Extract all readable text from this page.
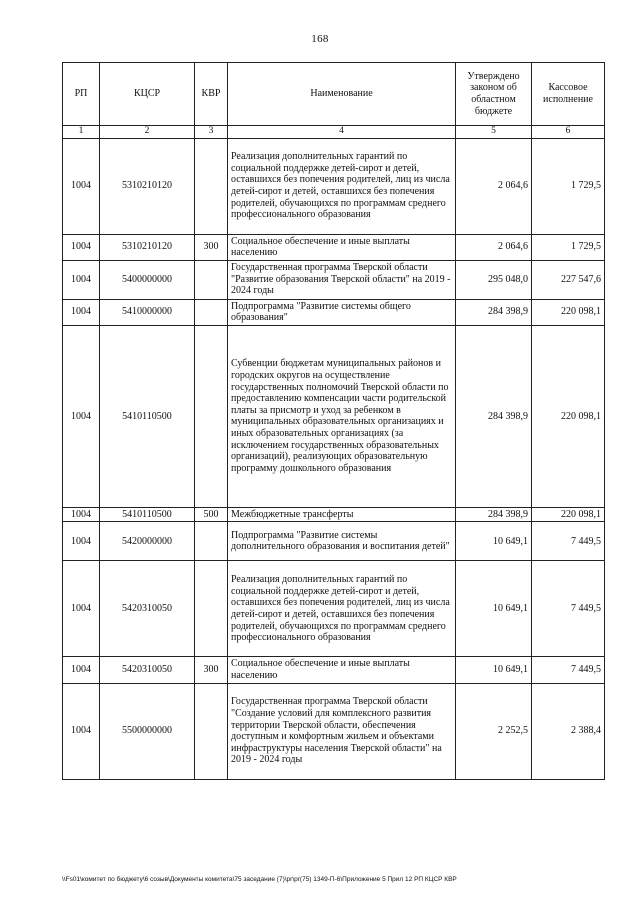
168
РП	КЦСР	КВР	Наименование	Утверждено законом об областном бюджете	Кассовое исполнение
1	2	3	4	5	6
1004	5310210120		Реализация дополнительных гарантий по социальной поддержке детей-сирот и детей, оставшихся без попечения родителей, лиц из числа детей-сирот и детей, оставшихся без попечения родителей, обучающихся по программам среднего профессионального образования	2 064,6	1 729,5
1004	5310210120	300	Социальное обеспечение и иные выплаты населению	2 064,6	1 729,5
1004	5400000000		Государственная программа Тверской области "Развитие образования Тверской области" на 2019 - 2024 годы	295 048,0	227 547,6
1004	5410000000		Подпрограмма "Развитие системы общего образования"	284 398,9	220 098,1
1004	5410110500		Субвенции бюджетам муниципальных районов и городских округов на осуществление государственных полномочий Тверской области по предоставлению компенсации части родительской платы за присмотр и уход за ребенком в муниципальных образовательных организациях и иных образовательных организациях (за исключением государственных образовательных организаций), реализующих образовательную программу дошкольного образования	284 398,9	220 098,1
1004	5410110500	500	Межбюджетные трансферты	284 398,9	220 098,1
1004	5420000000		Подпрограмма "Развитие системы дополнительного образования и воспитания детей"	10 649,1	7 449,5
1004	5420310050		Реализация дополнительных гарантий по социальной поддержке детей-сирот и детей, оставшихся без попечения родителей, лиц из числа детей-сирот и детей, оставшихся без попечения родителей, обучающихся по программам среднего профессионального образования	10 649,1	7 449,5
1004	5420310050	300	Социальное обеспечение и иные выплаты населению	10 649,1	7 449,5
1004	5500000000		Государственная программа Тверской области "Создание условий для комплексного развития территории Тверской области, обеспечения доступным и комфортным жильем и объектами инфраструктуры населения Тверской области" на 2019 - 2024 годы	2 252,5	2 388,4
\\Fs01\комитет по бюджету\6 созыв\Документы комитета\75 заседание (7)\pr\pr(75) 1349-П-6\Приложение 5 Прил 12 РП КЦСР КВР
